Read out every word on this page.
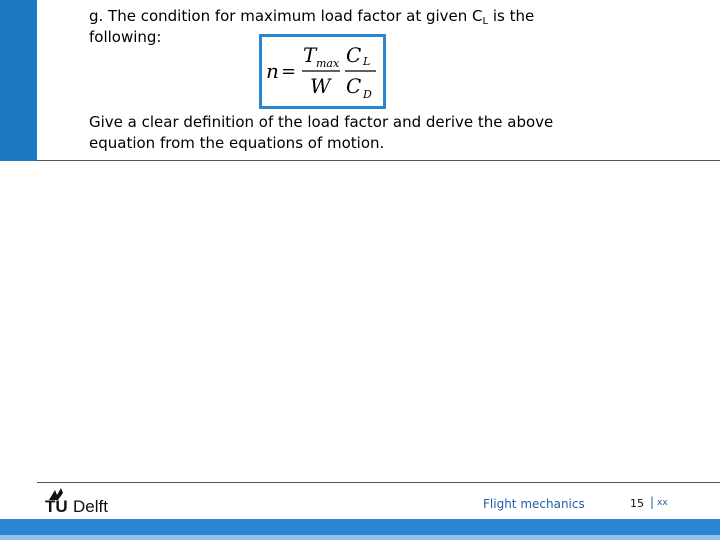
g. The condition for maximum load factor at given $C_L$ is the
following:
n =
T max
W
C L
C D
Give a clear definition of the load factor and derive the above
equation from the equations of motion.
TU Delft	Flight mechanics	15 | xx
